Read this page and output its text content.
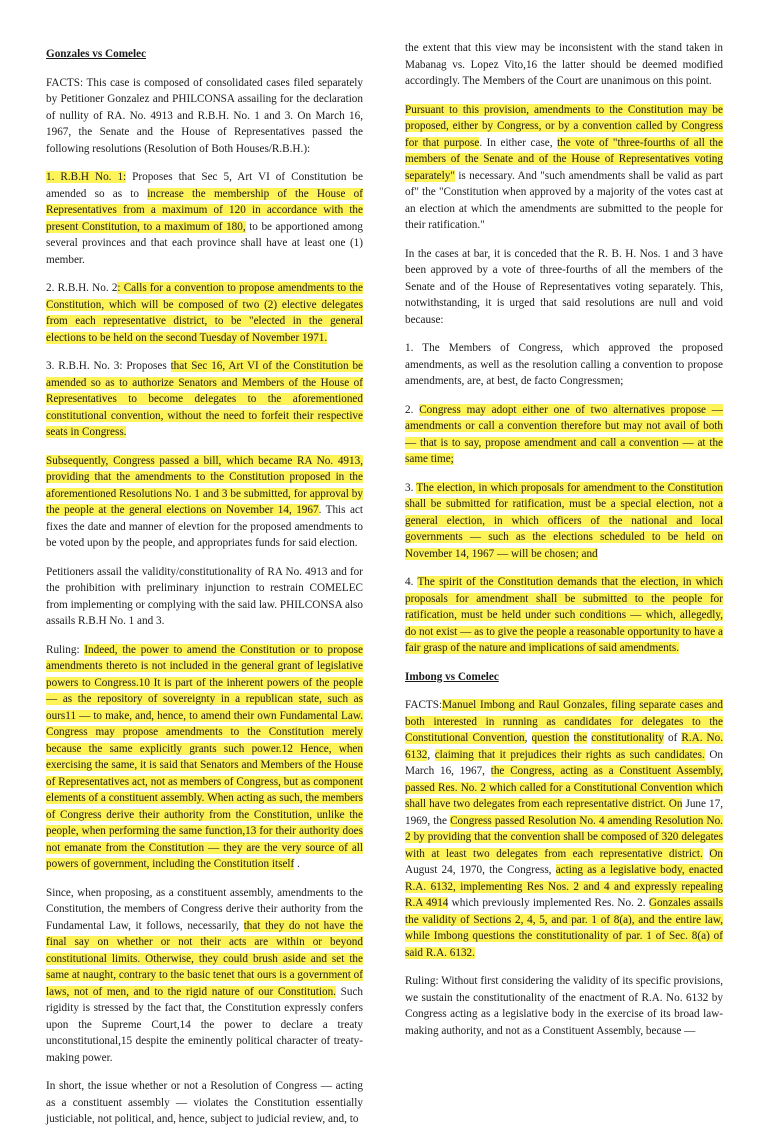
Gonzales vs Comelec

FACTS: This case is composed of consolidated cases filed separately by Petitioner Gonzalez and PHILCONSA assailing for the declaration of nullity of RA. No. 4913 and R.B.H. No. 1 and 3. On March 16, 1967, the Senate and the House of Representatives passed the following resolutions (Resolution of Both Houses/R.B.H.):

1. R.B.H No. 1: Proposes that Sec 5, Art VI of Constitution be amended so as to increase the membership of the House of Representatives from a maximum of 120 in accordance with the present Constitution, to a maximum of 180, to be apportioned among several provinces and that each province shall have at least one (1) member.

2. R.B.H. No. 2: Calls for a convention to propose amendments to the Constitution, which will be composed of two (2) elective delegates from each representative district, to be "elected in the general elections to be held on the second Tuesday of November 1971.

3. R.B.H. No. 3: Proposes that Sec 16, Art VI of the Constitution be amended so as to authorize Senators and Members of the House of Representatives to become delegates to the aforementioned constitutional convention, without the need to forfeit their respective seats in Congress.

Subsequently, Congress passed a bill, which became RA No. 4913, providing that the amendments to the Constitution proposed in the aforementioned Resolutions No. 1 and 3 be submitted, for approval by the people at the general elections on November 14, 1967. This act fixes the date and manner of elevtion for the proposed amendments to be voted upon by the people, and appropriates funds for said election.

Petitioners assail the validity/constitutionality of RA No. 4913 and for the prohibition with preliminary injunction to restrain COMELEC from implementing or complying with the said law. PHILCONSA also assails R.B.H No. 1 and 3.

Ruling: Indeed, the power to amend the Constitution or to propose amendments thereto is not included in the general grant of legislative powers to Congress.10 It is part of the inherent powers of the people — as the repository of sovereignty in a republican state, such as ours11 — to make, and, hence, to amend their own Fundamental Law. Congress may propose amendments to the Constitution merely because the same explicitly grants such power.12 Hence, when exercising the same, it is said that Senators and Members of the House of Representatives act, not as members of Congress, but as component elements of a constituent assembly. When acting as such, the members of Congress derive their authority from the Constitution, unlike the people, when performing the same function,13 for their authority does not emanate from the Constitution — they are the very source of all powers of government, including the Constitution itself .

Since, when proposing, as a constituent assembly, amendments to the Constitution, the members of Congress derive their authority from the Fundamental Law, it follows, necessarily, that they do not have the final say on whether or not their acts are within or beyond constitutional limits. Otherwise, they could brush aside and set the same at naught, contrary to the basic tenet that ours is a government of laws, not of men, and to the rigid nature of our Constitution. Such rigidity is stressed by the fact that, the Constitution expressly confers upon the Supreme Court,14 the power to declare a treaty unconstitutional,15 despite the eminently political character of treaty-making power.

In short, the issue whether or not a Resolution of Congress — acting as a constituent assembly — violates the Constitution essentially justiciable, not political, and, hence, subject to judicial review, and, to

the extent that this view may be inconsistent with the stand taken in Mabanag vs. Lopez Vito,16 the latter should be deemed modified accordingly. The Members of the Court are unanimous on this point.

Pursuant to this provision, amendments to the Constitution may be proposed, either by Congress, or by a convention called by Congress for that purpose. In either case, the vote of "three-fourths of all the members of the Senate and of the House of Representatives voting separately" is necessary. And "such amendments shall be valid as part of" the "Constitution when approved by a majority of the votes cast at an election at which the amendments are submitted to the people for their ratification."

In the cases at bar, it is conceded that the R. B. H. Nos. 1 and 3 have been approved by a vote of three-fourths of all the members of the Senate and of the House of Representatives voting separately. This, notwithstanding, it is urged that said resolutions are null and void because:

1. The Members of Congress, which approved the proposed amendments, as well as the resolution calling a convention to propose amendments, are, at best, de facto Congressmen;

2. Congress may adopt either one of two alternatives propose — amendments or call a convention therefore but may not avail of both — that is to say, propose amendment and call a convention — at the same time;

3. The election, in which proposals for amendment to the Constitution shall be submitted for ratification, must be a special election, not a general election, in which officers of the national and local governments — such as the elections scheduled to be held on November 14, 1967 — will be chosen; and

4. The spirit of the Constitution demands that the election, in which proposals for amendment shall be submitted to the people for ratification, must be held under such conditions — which, allegedly, do not exist — as to give the people a reasonable opportunity to have a fair grasp of the nature and implications of said amendments.

Imbong vs Comelec

FACTS:Manuel Imbong and Raul Gonzales, filing separate cases and both interested in running as candidates for delegates to the Constitutional Convention, question the constitutionality of R.A. No. 6132, claiming that it prejudices their rights as such candidates. On March 16, 1967, the Congress, acting as a Constituent Assembly, passed Res. No. 2 which called for a Constitutional Convention which shall have two delegates from each representative district. On June 17, 1969, the Congress passed Resolution No. 4 amending Resolution No. 2 by providing that the convention shall be composed of 320 delegates with at least two delegates from each representative district. On August 24, 1970, the Congress, acting as a legislative body, enacted R.A. 6132, implementing Res Nos. 2 and 4 and expressly repealing R.A 4914 which previously implemented Res. No. 2. Gonzales assails the validity of Sections 2, 4, 5, and par. 1 of 8(a), and the entire law, while Imbong questions the constitutionality of par. 1 of Sec. 8(a) of said R.A. 6132.

Ruling: Without first considering the validity of its specific provisions, we sustain the constitutionality of the enactment of R.A. No. 6132 by Congress acting as a legislative body in the exercise of its broad law-making authority, and not as a Constituent Assembly, because —
